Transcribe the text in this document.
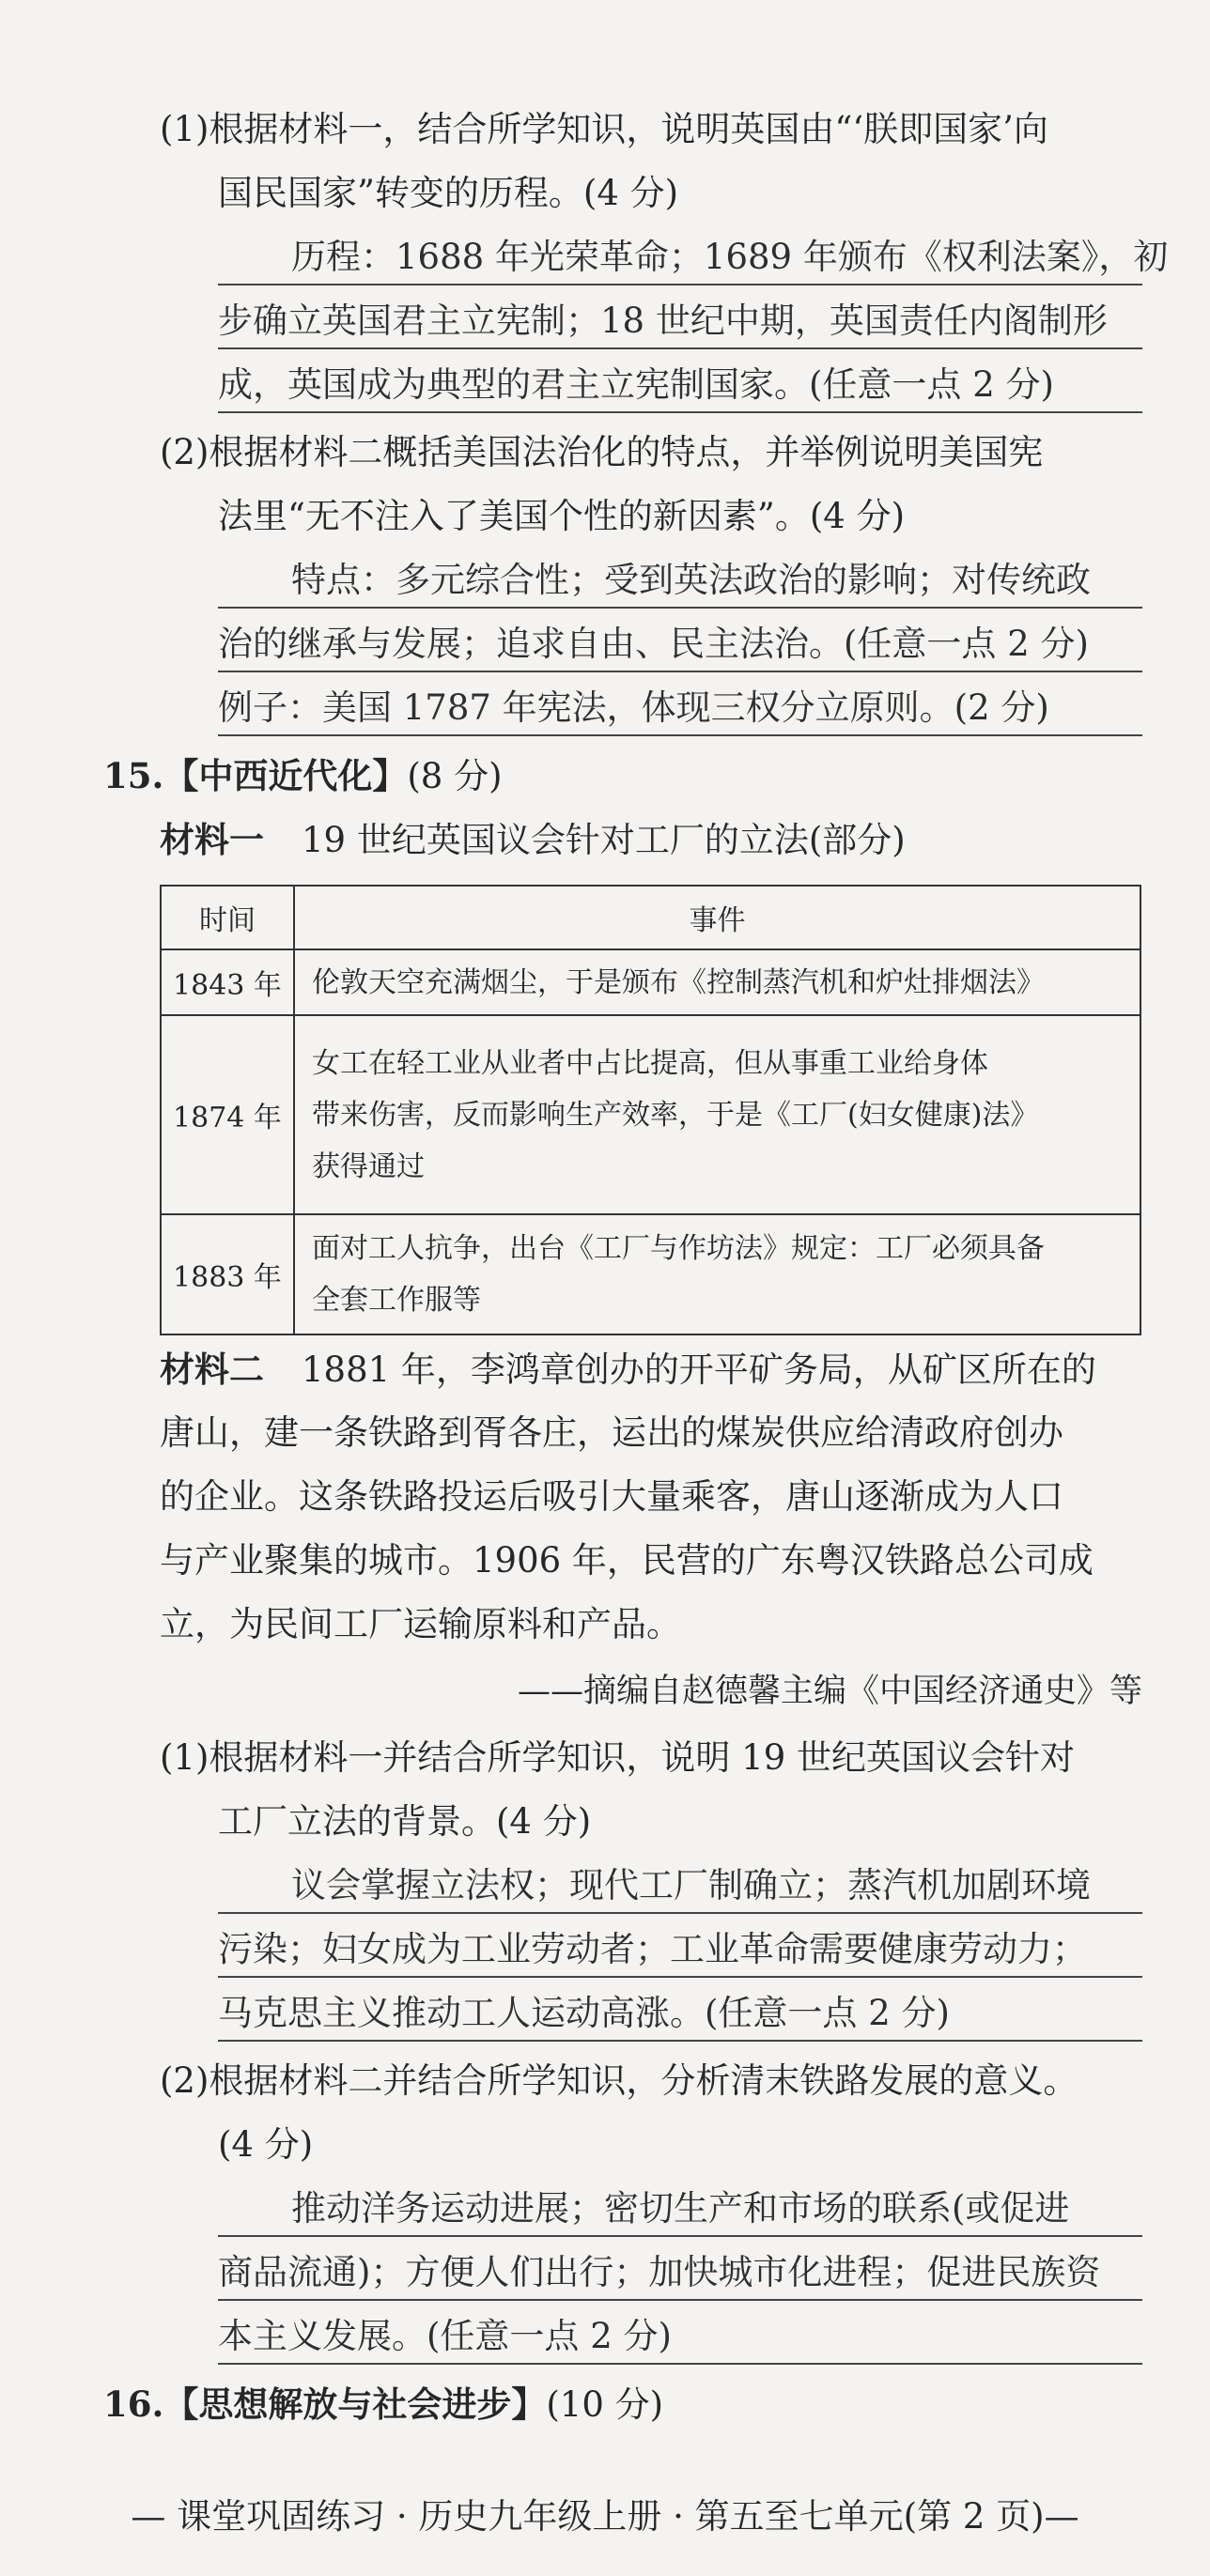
(1)根据材料一，结合所学知识，说明英国由“‘朕即国家’向
国民国家”转变的历程。(4 分)
历程：1688 年光荣革命；1689 年颁布《权利法案》，初
步确立英国君主立宪制；18 世纪中期，英国责任内阁制形
成，英国成为典型的君主立宪制国家。(任意一点 2 分)
(2)根据材料二概括美国法治化的特点，并举例说明美国宪
法里“无不注入了美国个性的新因素”。(4 分)
特点：多元综合性；受到英法政治的影响；对传统政
治的继承与发展；追求自由、民主法治。(任意一点 2 分)
例子：美国 1787 年宪法，体现三权分立原则。(2 分)
15.【中西近代化】(8 分)
材料一 19 世纪英国议会针对工厂的立法(部分)
时间	事件
1843 年	伦敦天空充满烟尘，于是颁布《控制蒸汽机和炉灶排烟法》

1874 年	女工在轻工业从业者中占比提高，但从事重工业给身体
带来伤害，反而影响生产效率，于是《工厂(妇女健康)法》
获得通过

1883 年	面对工人抗争，出台《工厂与作坊法》规定：工厂必须具备
全套工作服等
材料二 1881 年，李鸿章创办的开平矿务局，从矿区所在的
唐山，建一条铁路到胥各庄，运出的煤炭供应给清政府创办
的企业。这条铁路投运后吸引大量乘客，唐山逐渐成为人口
与产业聚集的城市。1906 年，民营的广东粤汉铁路总公司成
立，为民间工厂运输原料和产品。
——摘编自赵德馨主编《中国经济通史》等
(1)根据材料一并结合所学知识，说明 19 世纪英国议会针对
工厂立法的背景。(4 分)
议会掌握立法权；现代工厂制确立；蒸汽机加剧环境
污染；妇女成为工业劳动者；工业革命需要健康劳动力；
马克思主义推动工人运动高涨。(任意一点 2 分)
(2)根据材料二并结合所学知识，分析清末铁路发展的意义。
(4 分)
推动洋务运动进展；密切生产和市场的联系(或促进
商品流通)；方便人们出行；加快城市化进程；促进民族资
本主义发展。(任意一点 2 分)
16.【思想解放与社会进步】(10 分)
— 课堂巩固练习 · 历史九年级上册 · 第五至七单元(第 2 页)—
